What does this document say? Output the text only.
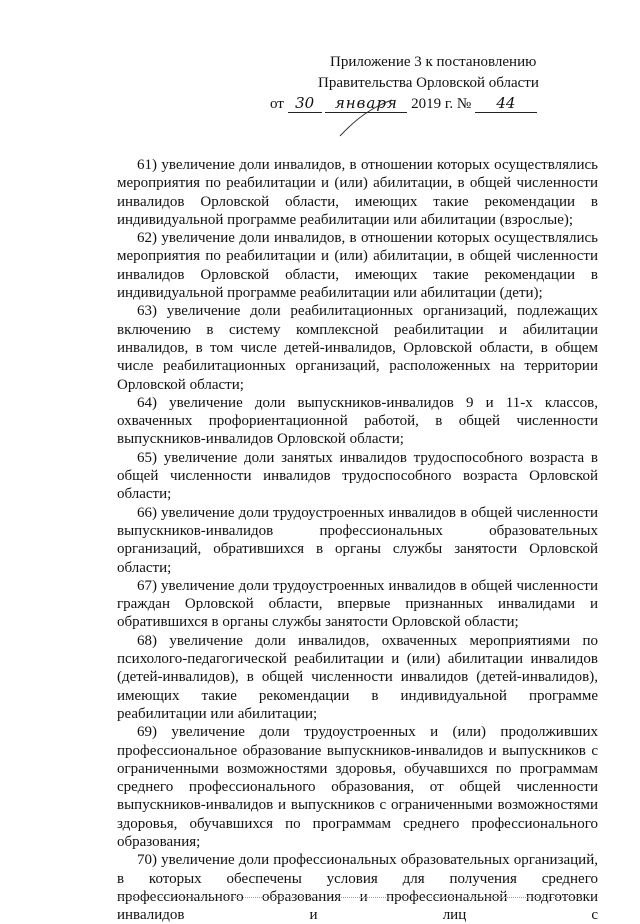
Приложение 3 к постановлению
Правительства Орловской области
от 30 января 2019 г. № 44

61) увеличение доли инвалидов, в отношении которых осуществлялись мероприятия по реабилитации и (или) абилитации, в общей численности инвалидов Орловской области, имеющих такие рекомендации в индивидуальной программе реабилитации или абилитации (взрослые);

62) увеличение доли инвалидов, в отношении которых осуществлялись мероприятия по реабилитации и (или) абилитации, в общей численности инвалидов Орловской области, имеющих такие рекомендации в индивидуальной программе реабилитации или абилитации (дети);

63) увеличение доли реабилитационных организаций, подлежащих включению в систему комплексной реабилитации и абилитации инвалидов, в том числе детей-инвалидов, Орловской области, в общем числе реабилитационных организаций, расположенных на территории Орловской области;

64) увеличение доли выпускников-инвалидов 9 и 11-х классов, охваченных профориентационной работой, в общей численности выпускников-инвалидов Орловской области;

65) увеличение доли занятых инвалидов трудоспособного возраста в общей численности инвалидов трудоспособного возраста Орловской области;

66) увеличение доли трудоустроенных инвалидов в общей численности выпускников-инвалидов профессиональных образовательных организаций, обратившихся в органы службы занятости Орловской области;

67) увеличение доли трудоустроенных инвалидов в общей численности граждан Орловской области, впервые признанных инвалидами и обратившихся в органы службы занятости Орловской области;

68) увеличение доли инвалидов, охваченных мероприятиями по психолого-педагогической реабилитации и (или) абилитации инвалидов (детей-инвалидов), в общей численности инвалидов (детей-инвалидов), имеющих такие рекомендации в индивидуальной программе реабилитации или абилитации;

69) увеличение доли трудоустроенных и (или) продолживших профессиональное образование выпускников-инвалидов и выпускников с ограниченными возможностями здоровья, обучавшихся по программам среднего профессионального образования, от общей численности выпускников-инвалидов и выпускников с ограниченными возможностями здоровья, обучавшихся по программам среднего профессионального образования;

70) увеличение доли профессиональных образовательных организаций, в которых обеспечены условия для получения среднего профессионального образования и профессиональной подготовки инвалидов и лиц с
